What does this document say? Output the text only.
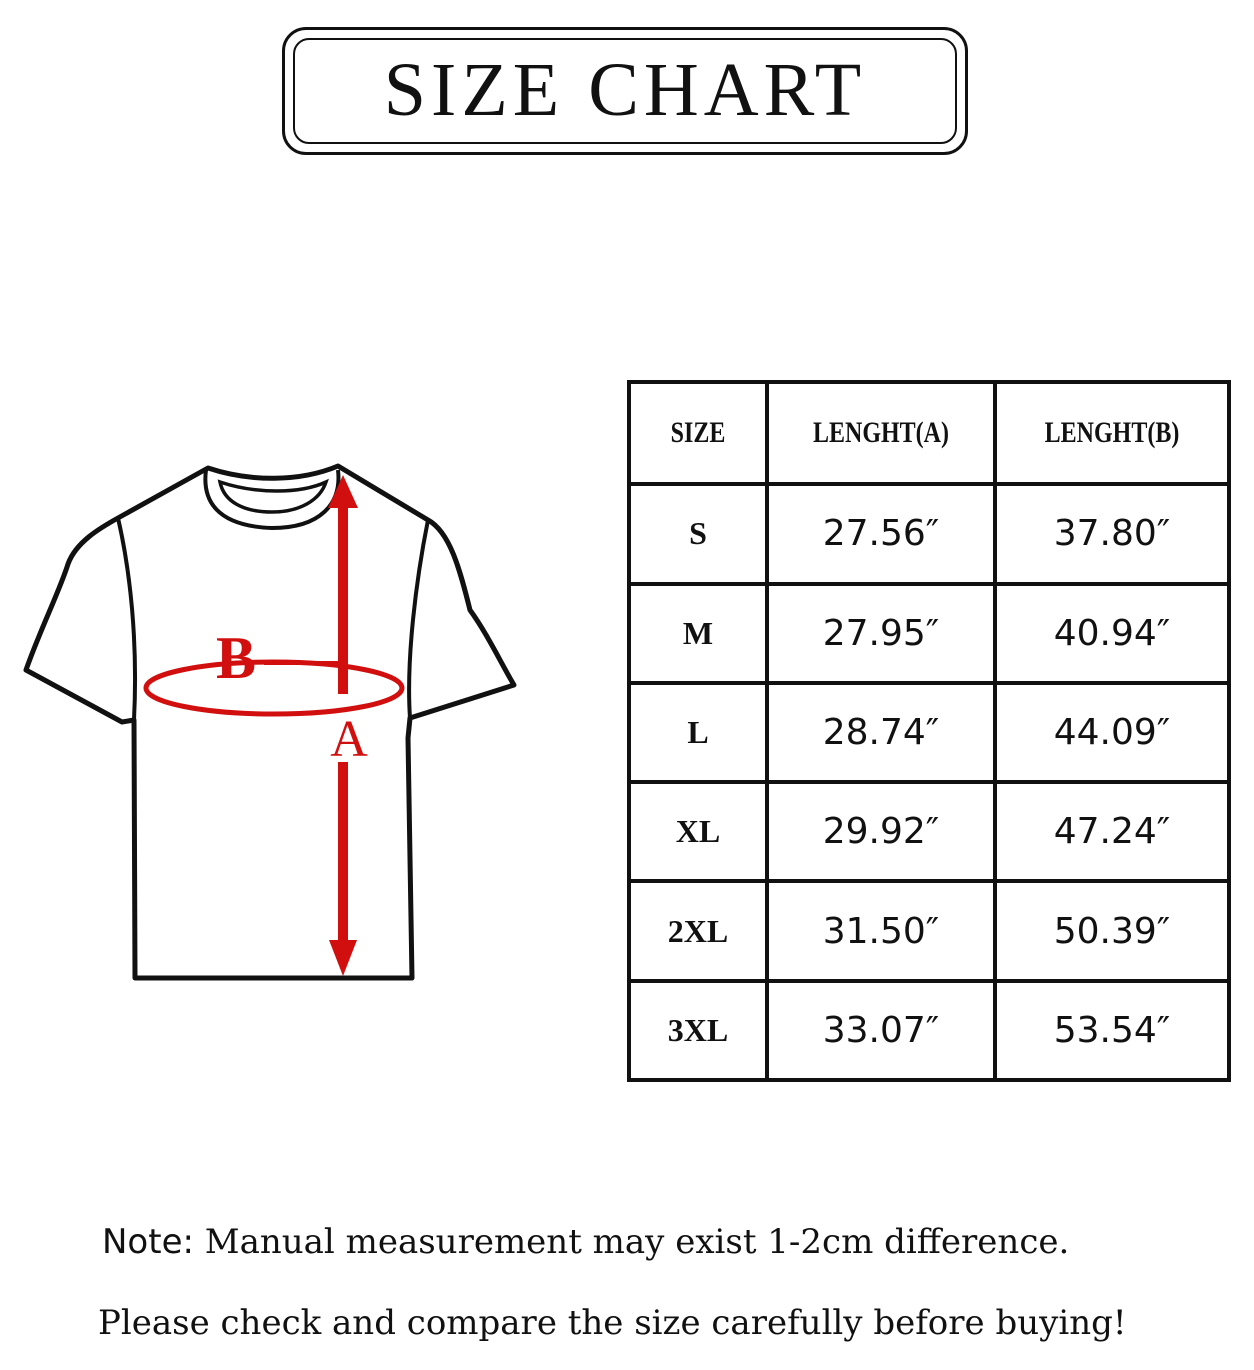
SIZE CHART
B
A
SIZE	LENGHT(A)	LENGHT(B)
S	27.56″	37.80″
M	27.95″	40.94″
L	28.74″	44.09″
XL	29.92″	47.24″
2XL	31.50″	50.39″
3XL	33.07″	53.54″
Note: Manual measurement may exist 1-2cm difference.
Please check and compare the size carefully before buying!
